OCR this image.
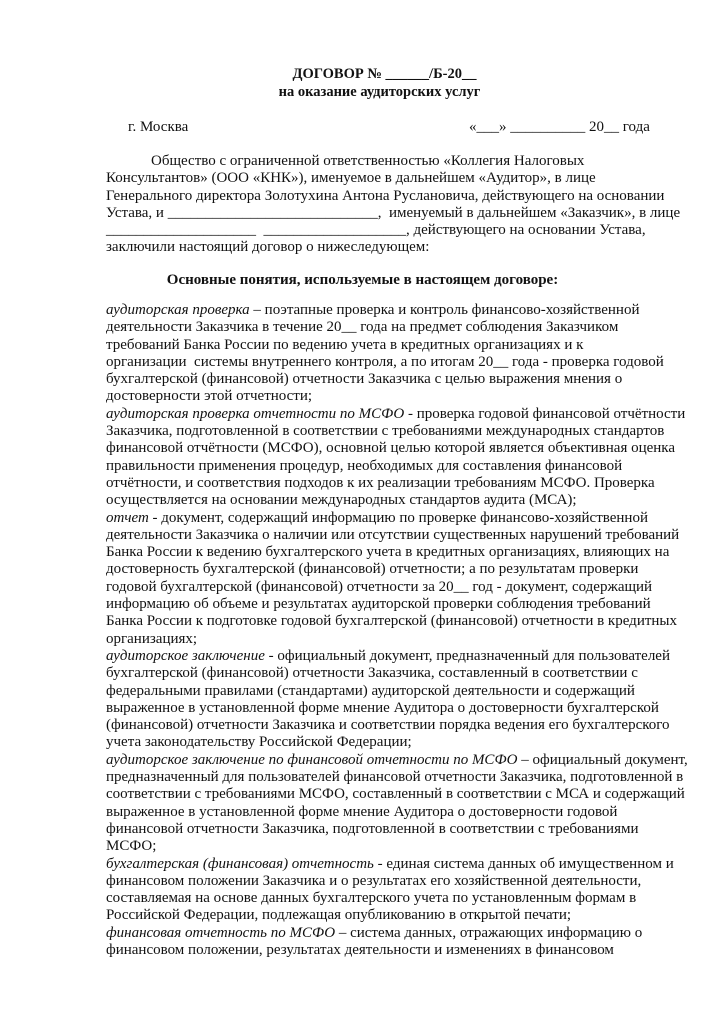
ДОГОВОР № ______/Б-20__
на оказание аудиторских услуг
г. Москва	«___» __________ 20__ года
Общество с ограниченной ответственностью «Коллегия Налоговых
Консультантов» (ООО «КНК»), именуемое в дальнейшем «Аудитор», в лице
Генерального директора Золотухина Антона Руслановича, действующего на основании
Устава, и ____________________________,  именуемый в дальнейшем «Заказчик», в лице
____________________  ___________________, действующего на основании Устава,
заключили настоящий договор о нижеследующем:
Основные понятия, используемые в настоящем договоре:
аудиторская проверка – поэтапные проверка и контроль финансово-хозяйственной
деятельности Заказчика в течение 20__ года на предмет соблюдения Заказчиком
требований Банка России по ведению учета в кредитных организациях и к
организации  системы внутреннего контроля, а по итогам 20__ года - проверка годовой
бухгалтерской (финансовой) отчетности Заказчика с целью выражения мнения о
достоверности этой отчетности;
аудиторская проверка отчетности по МСФО - проверка годовой финансовой отчётности
Заказчика, подготовленной в соответствии с требованиями международных стандартов
финансовой отчётности (МСФО), основной целью которой является объективная оценка
правильности применения процедур, необходимых для составления финансовой
отчётности, и соответствия подходов к их реализации требованиям МСФО. Проверка
осуществляется на основании международных стандартов аудита (МСА);
отчет - документ, содержащий информацию по проверке финансово-хозяйственной
деятельности Заказчика о наличии или отсутствии существенных нарушений требований
Банка России к ведению бухгалтерского учета в кредитных организациях, влияющих на
достоверность бухгалтерской (финансовой) отчетности; а по результатам проверки
годовой бухгалтерской (финансовой) отчетности за 20__ год - документ, содержащий
информацию об объеме и результатах аудиторской проверки соблюдения требований
Банка России к подготовке годовой бухгалтерской (финансовой) отчетности в кредитных
организациях;
аудиторское заключение - официальный документ, предназначенный для пользователей
бухгалтерской (финансовой) отчетности Заказчика, составленный в соответствии с
федеральными правилами (стандартами) аудиторской деятельности и содержащий
выраженное в установленной форме мнение Аудитора о достоверности бухгалтерской
(финансовой) отчетности Заказчика и соответствии порядка ведения его бухгалтерского
учета законодательству Российской Федерации;
аудиторское заключение по финансовой отчетности по МСФО – официальный документ,
предназначенный для пользователей финансовой отчетности Заказчика, подготовленной в
соответствии с требованиями МСФО, составленный в соответствии с МСА и содержащий
выраженное в установленной форме мнение Аудитора о достоверности годовой
финансовой отчетности Заказчика, подготовленной в соответствии с требованиями
МСФО;
бухгалтерская (финансовая) отчетность - единая система данных об имущественном и
финансовом положении Заказчика и о результатах его хозяйственной деятельности,
составляемая на основе данных бухгалтерского учета по установленным формам в
Российской Федерации, подлежащая опубликованию в открытой печати;
финансовая отчетность по МСФО – система данных, отражающих информацию о
финансовом положении, результатах деятельности и изменениях в финансовом
